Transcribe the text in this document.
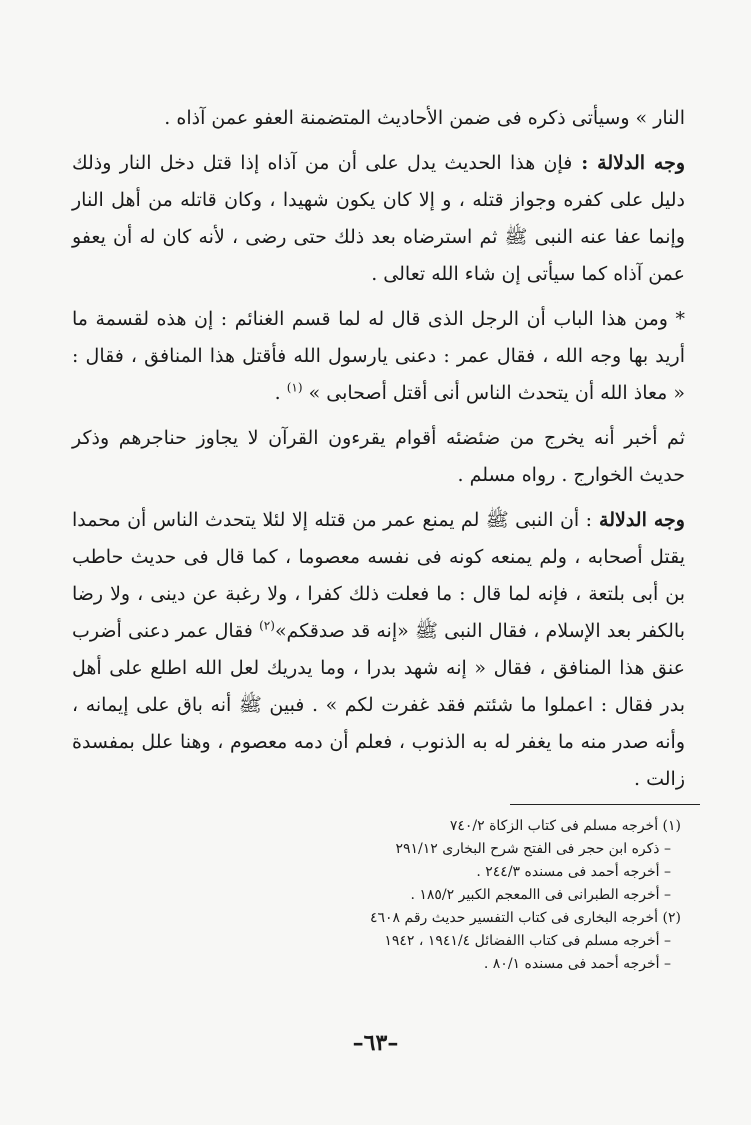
النار » وسيأتى ذكره فى ضمن الأحاديث المتضمنة العفو عمن آذاه .

وجه الدلالة : فإن هذا الحديث يدل على أن من آذاه إذا قتل دخل النار وذلك دليل على كفره وجواز قتله ، و إلا كان يكون شهيدا ، وكان قاتله من أهل النار وإنما عفا عنه النبى ﷺ ثم استرضاه بعد ذلك حتى رضى ، لأنه كان له أن يعفو عمن آذاه كما سيأتى إن شاء الله تعالى .

* ومن هذا الباب أن الرجل الذى قال له لما قسم الغنائم : إن هذه لقسمة ما أريد بها وجه الله ، فقال عمر : دعنى يارسول الله فأقتل هذا المنافق ، فقال : « معاذ الله أن يتحدث الناس أنى أقتل أصحابى » $^{(١)}$ .

ثم أخبر أنه يخرج من ضئضئه أقوام يقرءون القرآن لا يجاوز حناجرهم وذكر حديث الخوارج . رواه مسلم .

وجه الدلالة : أن النبى ﷺ لم يمنع عمر من قتله إلا لئلا يتحدث الناس أن محمدا يقتل أصحابه ، ولم يمنعه كونه فى نفسه معصوما ، كما قال فى حديث حاطب بن أبى بلتعة ، فإنه لما قال : ما فعلت ذلك كفرا ، ولا رغبة عن دينى ، ولا رضا بالكفر بعد الإسلام ، فقال النبى ﷺ «إنه قد صدقكم»$^{(٢)}$ فقال عمر دعنى أضرب عنق هذا المنافق ، فقال « إنه شهد بدرا ، وما يدريك لعل الله اطلع على أهل بدر فقال : اعملوا ما شئتم فقد غفرت لكم » . فبين ﷺ أنه باق على إيمانه ، وأنه صدر منه ما يغفر له به الذنوب ، فعلم أن دمه معصوم ، وهنا علل بمفسدة زالت .

(١) أخرجه مسلم فى كتاب الزكاة ٧٤٠/٢

– ذكره ابن حجر فى الفتح شرح البخارى ٢٩١/١٢

– أخرجه أحمد فى مسنده ٢٤٤/٣ .

– أخرجه الطبرانى فى االمعجم الكبير ١٨٥/٢ .

(٢) أخرجه البخارى فى كتاب التفسير حديث رقم ٤٦٠٨

– أخرجه مسلم فى كتاب االفضائل ١٩٤١/٤ ، ١٩٤٢

– أخرجه أحمد فى مسنده ٨٠/١ .

–٦٣–
